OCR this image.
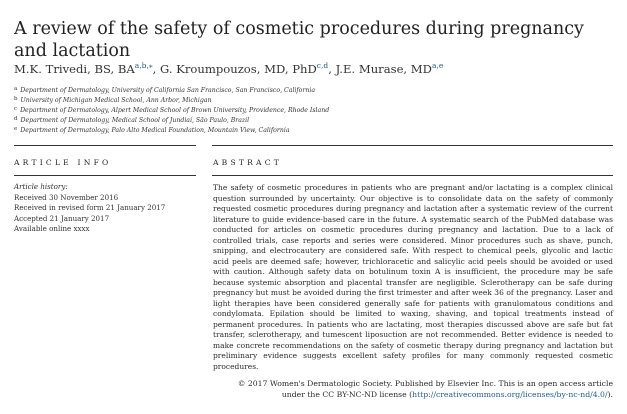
A review of the safety of cosmetic procedures during pregnancy and lactation
M.K. Trivedi, BS, $BA^{a,b,⁎}$, G. Kroumpouzos, MD, PhD$^{c,d}$, J.E. Murase, MD$^{a,e}$
a Department of Dermatology, University of California San Francisco, San Francisco, California
b University of Michigan Medical School, Ann Arbor, Michigan
c Department of Dermatology, Alpert Medical School of Brown University, Providence, Rhode Island
d Department of Dermatology, Medical School of Jundiaí, São Paulo, Brazil
e Department of Dermatology, Palo Alto Medical Foundation, Mountain View, California
ARTICLE INFO	ABSTRACT
Article history:
Received 30 November 2016
Received in revised form 21 January 2017
Accepted 21 January 2017
Available online xxxx

The safety of cosmetic procedures in patients who are pregnant and/or lactating is a complex clinical question surrounded by uncertainty. Our objective is to consolidate data on the safety of commonly requested cosmetic procedures during pregnancy and lactation after a systematic review of the current literature to guide evidence-based care in the future. A systematic search of the PubMed database was conducted for articles on cosmetic procedures during pregnancy and lactation. Due to a lack of controlled trials, case reports and series were considered. Minor procedures such as shave, punch, snipping, and electrocautery are considered safe. With respect to chemical peels, glycolic and lactic acid peels are deemed safe; however, trichloracetic and salicylic acid peels should be avoided or used with caution. Although safety data on botulinum toxin A is insufficient, the procedure may be safe because systemic absorption and placental transfer are negligible. Sclerotherapy can be safe during pregnancy but must be avoided during the first trimester and after week 36 of the pregnancy. Laser and light therapies have been considered generally safe for patients with granulomatous conditions and condylomata. Epilation should be limited to waxing, shaving, and topical treatments instead of permanent procedures. In patients who are lactating, most therapies discussed above are safe but fat transfer, sclerotherapy, and tumescent liposuction are not recommended. Better evidence is needed to make concrete recommendations on the safety of cosmetic therapy during pregnancy and lactation but preliminary evidence suggests excellent safety profiles for many commonly requested cosmetic procedures.

© 2017 Women's Dermatologic Society. Published by Elsevier Inc. This is an open access article under the CC BY-NC-ND license (http://creativecommons.org/licenses/by-nc-nd/4.0/).
